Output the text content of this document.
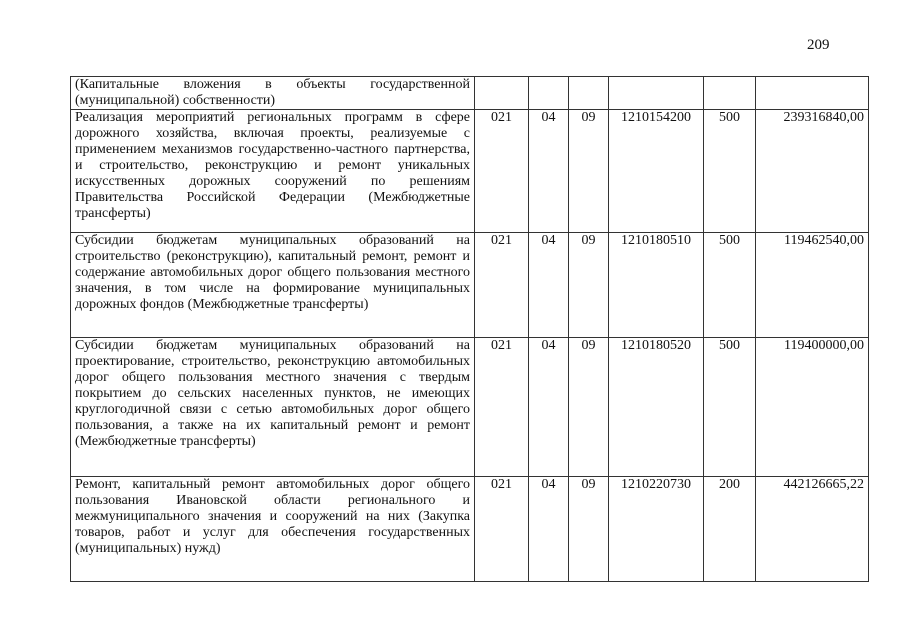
209
(Капитальные вложения в объекты государственной (муниципальной) собственности)						
Реализация мероприятий региональных программ в сфере дорожного хозяйства, включая проекты, реализуемые с применением механизмов государственно-частного партнерства, и строительство, реконструкцию и ремонт уникальных искусственных дорожных сооружений по решениям Правительства Российской Федерации (Межбюджетные трансферты)	021	04	09	1210154200	500	239316840,00
Субсидии бюджетам муниципальных образований на строительство (реконструкцию), капитальный ремонт, ремонт и содержание автомобильных дорог общего пользования местного значения, в том числе на формирование муниципальных дорожных фондов (Межбюджетные трансферты)	021	04	09	1210180510	500	119462540,00
Субсидии бюджетам муниципальных образований на проектирование, строительство, реконструкцию автомобильных дорог общего пользования местного значения с твердым покрытием до сельских населенных пунктов, не имеющих круглогодичной связи с сетью автомобильных дорог общего пользования, а также на их капитальный ремонт и ремонт (Межбюджетные трансферты)	021	04	09	1210180520	500	119400000,00
Ремонт, капитальный ремонт автомобильных дорог общего пользования Ивановской области регионального и межмуниципального значения и сооружений на них (Закупка товаров, работ и услуг для обеспечения государственных (муниципальных) нужд)	021	04	09	1210220730	200	442126665,22
